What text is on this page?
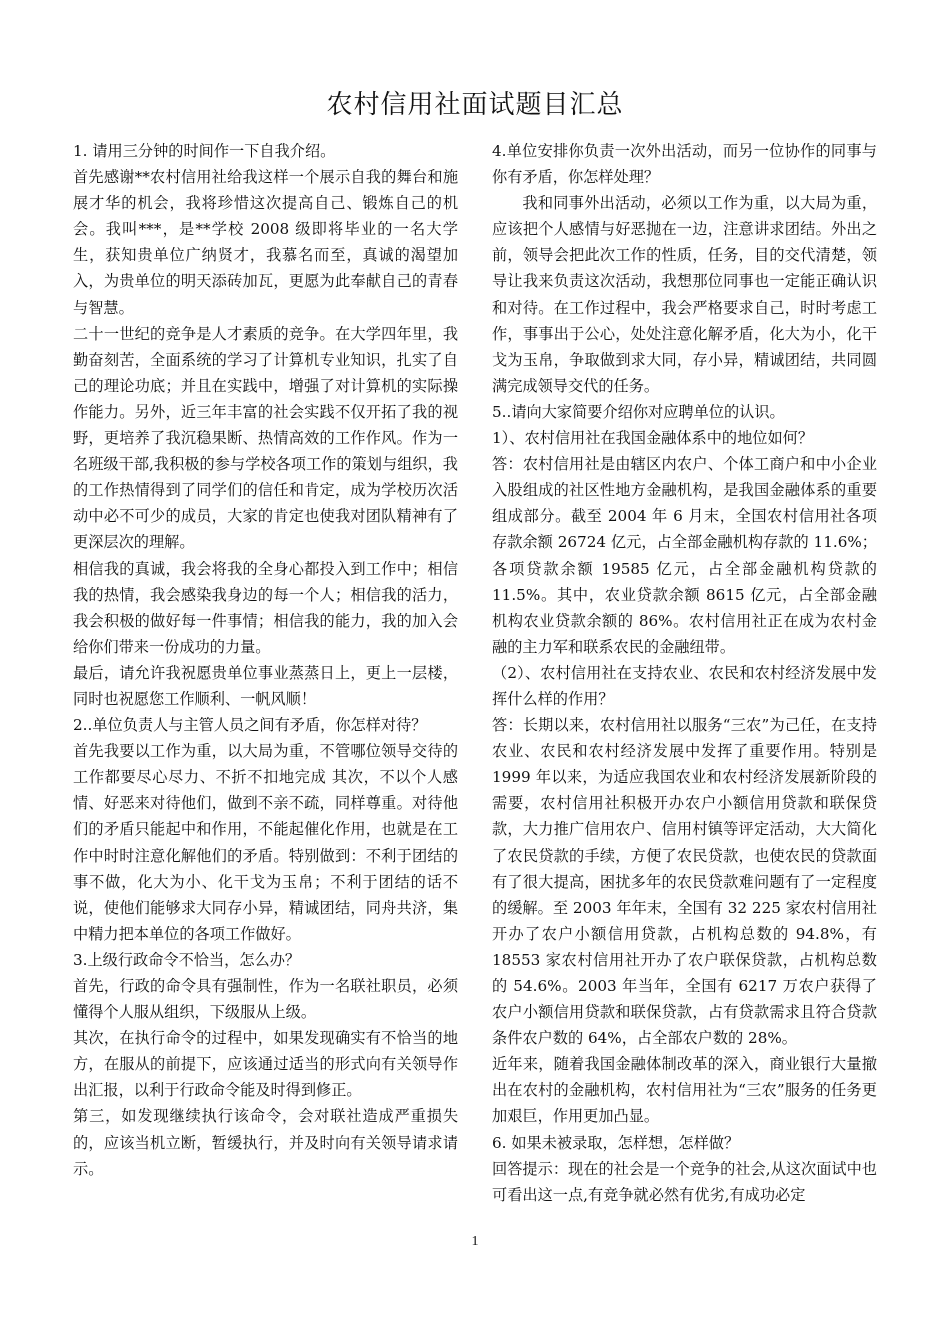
农村信用社面试题目汇总

1. 请用三分钟的时间作一下自我介绍。

首先感谢**农村信用社给我这样一个展示自我的舞台和施展才华的机会，我将珍惜这次提高自己、锻炼自己的机会。我叫***，是**学校 2008 级即将毕业的一名大学生，获知贵单位广纳贤才，我慕名而至，真诚的渴望加入，为贵单位的明天添砖加瓦，更愿为此奉献自己的青春与智慧。

二十一世纪的竞争是人才素质的竞争。在大学四年里，我勤奋刻苦，全面系统的学习了计算机专业知识，扎实了自己的理论功底；并且在实践中，增强了对计算机的实际操作能力。另外，近三年丰富的社会实践不仅开拓了我的视野，更培养了我沉稳果断、热情高效的工作作风。作为一名班级干部,我积极的参与学校各项工作的策划与组织，我的工作热情得到了同学们的信任和肯定，成为学校历次活动中必不可少的成员，大家的肯定也使我对团队精神有了更深层次的理解。

相信我的真诚，我会将我的全身心都投入到工作中；相信我的热情，我会感染我身边的每一个人；相信我的活力，我会积极的做好每一件事情；相信我的能力，我的加入会给你们带来一份成功的力量。

最后，请允许我祝愿贵单位事业蒸蒸日上，更上一层楼，同时也祝愿您工作顺利、一帆风顺！

2..单位负责人与主管人员之间有矛盾，你怎样对待？

首先我要以工作为重，以大局为重，不管哪位领导交待的工作都要尽心尽力、不折不扣地完成 其次，不以个人感情、好恶来对待他们，做到不亲不疏，同样尊重。对待他们的矛盾只能起中和作用，不能起催化作用，也就是在工作中时时注意化解他们的矛盾。特别做到：不利于团结的事不做，化大为小、化干戈为玉帛；不利于团结的话不说，使他们能够求大同存小异，精诚团结，同舟共济，集中精力把本单位的各项工作做好。

3.上级行政命令不恰当，怎么办？

首先，行政的命令具有强制性，作为一名联社职员，必须懂得个人服从组织，下级服从上级。

其次，在执行命令的过程中，如果发现确实有不恰当的地方，在服从的前提下，应该通过适当的形式向有关领导作出汇报，以利于行政命令能及时得到修正。

第三，如发现继续执行该命令，会对联社造成严重损失的，应该当机立断，暂缓执行，并及时向有关领导请求请示。

4.单位安排你负责一次外出活动，而另一位协作的同事与你有矛盾，你怎样处理？

我和同事外出活动，必须以工作为重，以大局为重，应该把个人感情与好恶抛在一边，注意讲求团结。外出之前，领导会把此次工作的性质，任务，目的交代清楚，领导让我来负责这次活动，我想那位同事也一定能正确认识和对待。在工作过程中，我会严格要求自己，时时考虑工作，事事出于公心，处处注意化解矛盾，化大为小，化干戈为玉帛，争取做到求大同，存小异，精诚团结，共同圆满完成领导交代的任务。

5..请向大家简要介绍你对应聘单位的认识。

1）、农村信用社在我国金融体系中的地位如何？

答：农村信用社是由辖区内农户、个体工商户和中小企业入股组成的社区性地方金融机构，是我国金融体系的重要组成部分。截至 2004 年 6 月末，全国农村信用社各项存款余额 26724 亿元，占全部金融机构存款的 11.6%；各项贷款余额 19585 亿元，占全部金融机构贷款的 11.5%。其中，农业贷款余额 8615 亿元，占全部金融机构农业贷款余额的 86%。农村信用社正在成为农村金融的主力军和联系农民的金融纽带。

（2）、农村信用社在支持农业、农民和农村经济发展中发挥什么样的作用？

答：长期以来，农村信用社以服务“三农”为己任，在支持农业、农民和农村经济发展中发挥了重要作用。特别是 1999 年以来，为适应我国农业和农村经济发展新阶段的需要，农村信用社积极开办农户小额信用贷款和联保贷款，大力推广信用农户、信用村镇等评定活动，大大简化了农民贷款的手续，方便了农民贷款，也使农民的贷款面有了很大提高，困扰多年的农民贷款难问题有了一定程度的缓解。至 2003 年年末，全国有 32 225 家农村信用社开办了农户小额信用贷款，占机构总数的 94.8%，有 18553 家农村信用社开办了农户联保贷款，占机构总数的 54.6%。2003 年当年，全国有 6217 万农户获得了农户小额信用贷款和联保贷款，占有贷款需求且符合贷款条件农户数的 64%，占全部农户数的 28%。

近年来，随着我国金融体制改革的深入，商业银行大量撤出在农村的金融机构，农村信用社为“三农”服务的任务更加艰巨，作用更加凸显。

6. 如果未被录取，怎样想，怎样做？

回答提示：现在的社会是一个竞争的社会,从这次面试中也可看出这一点,有竞争就必然有优劣,有成功必定

1
